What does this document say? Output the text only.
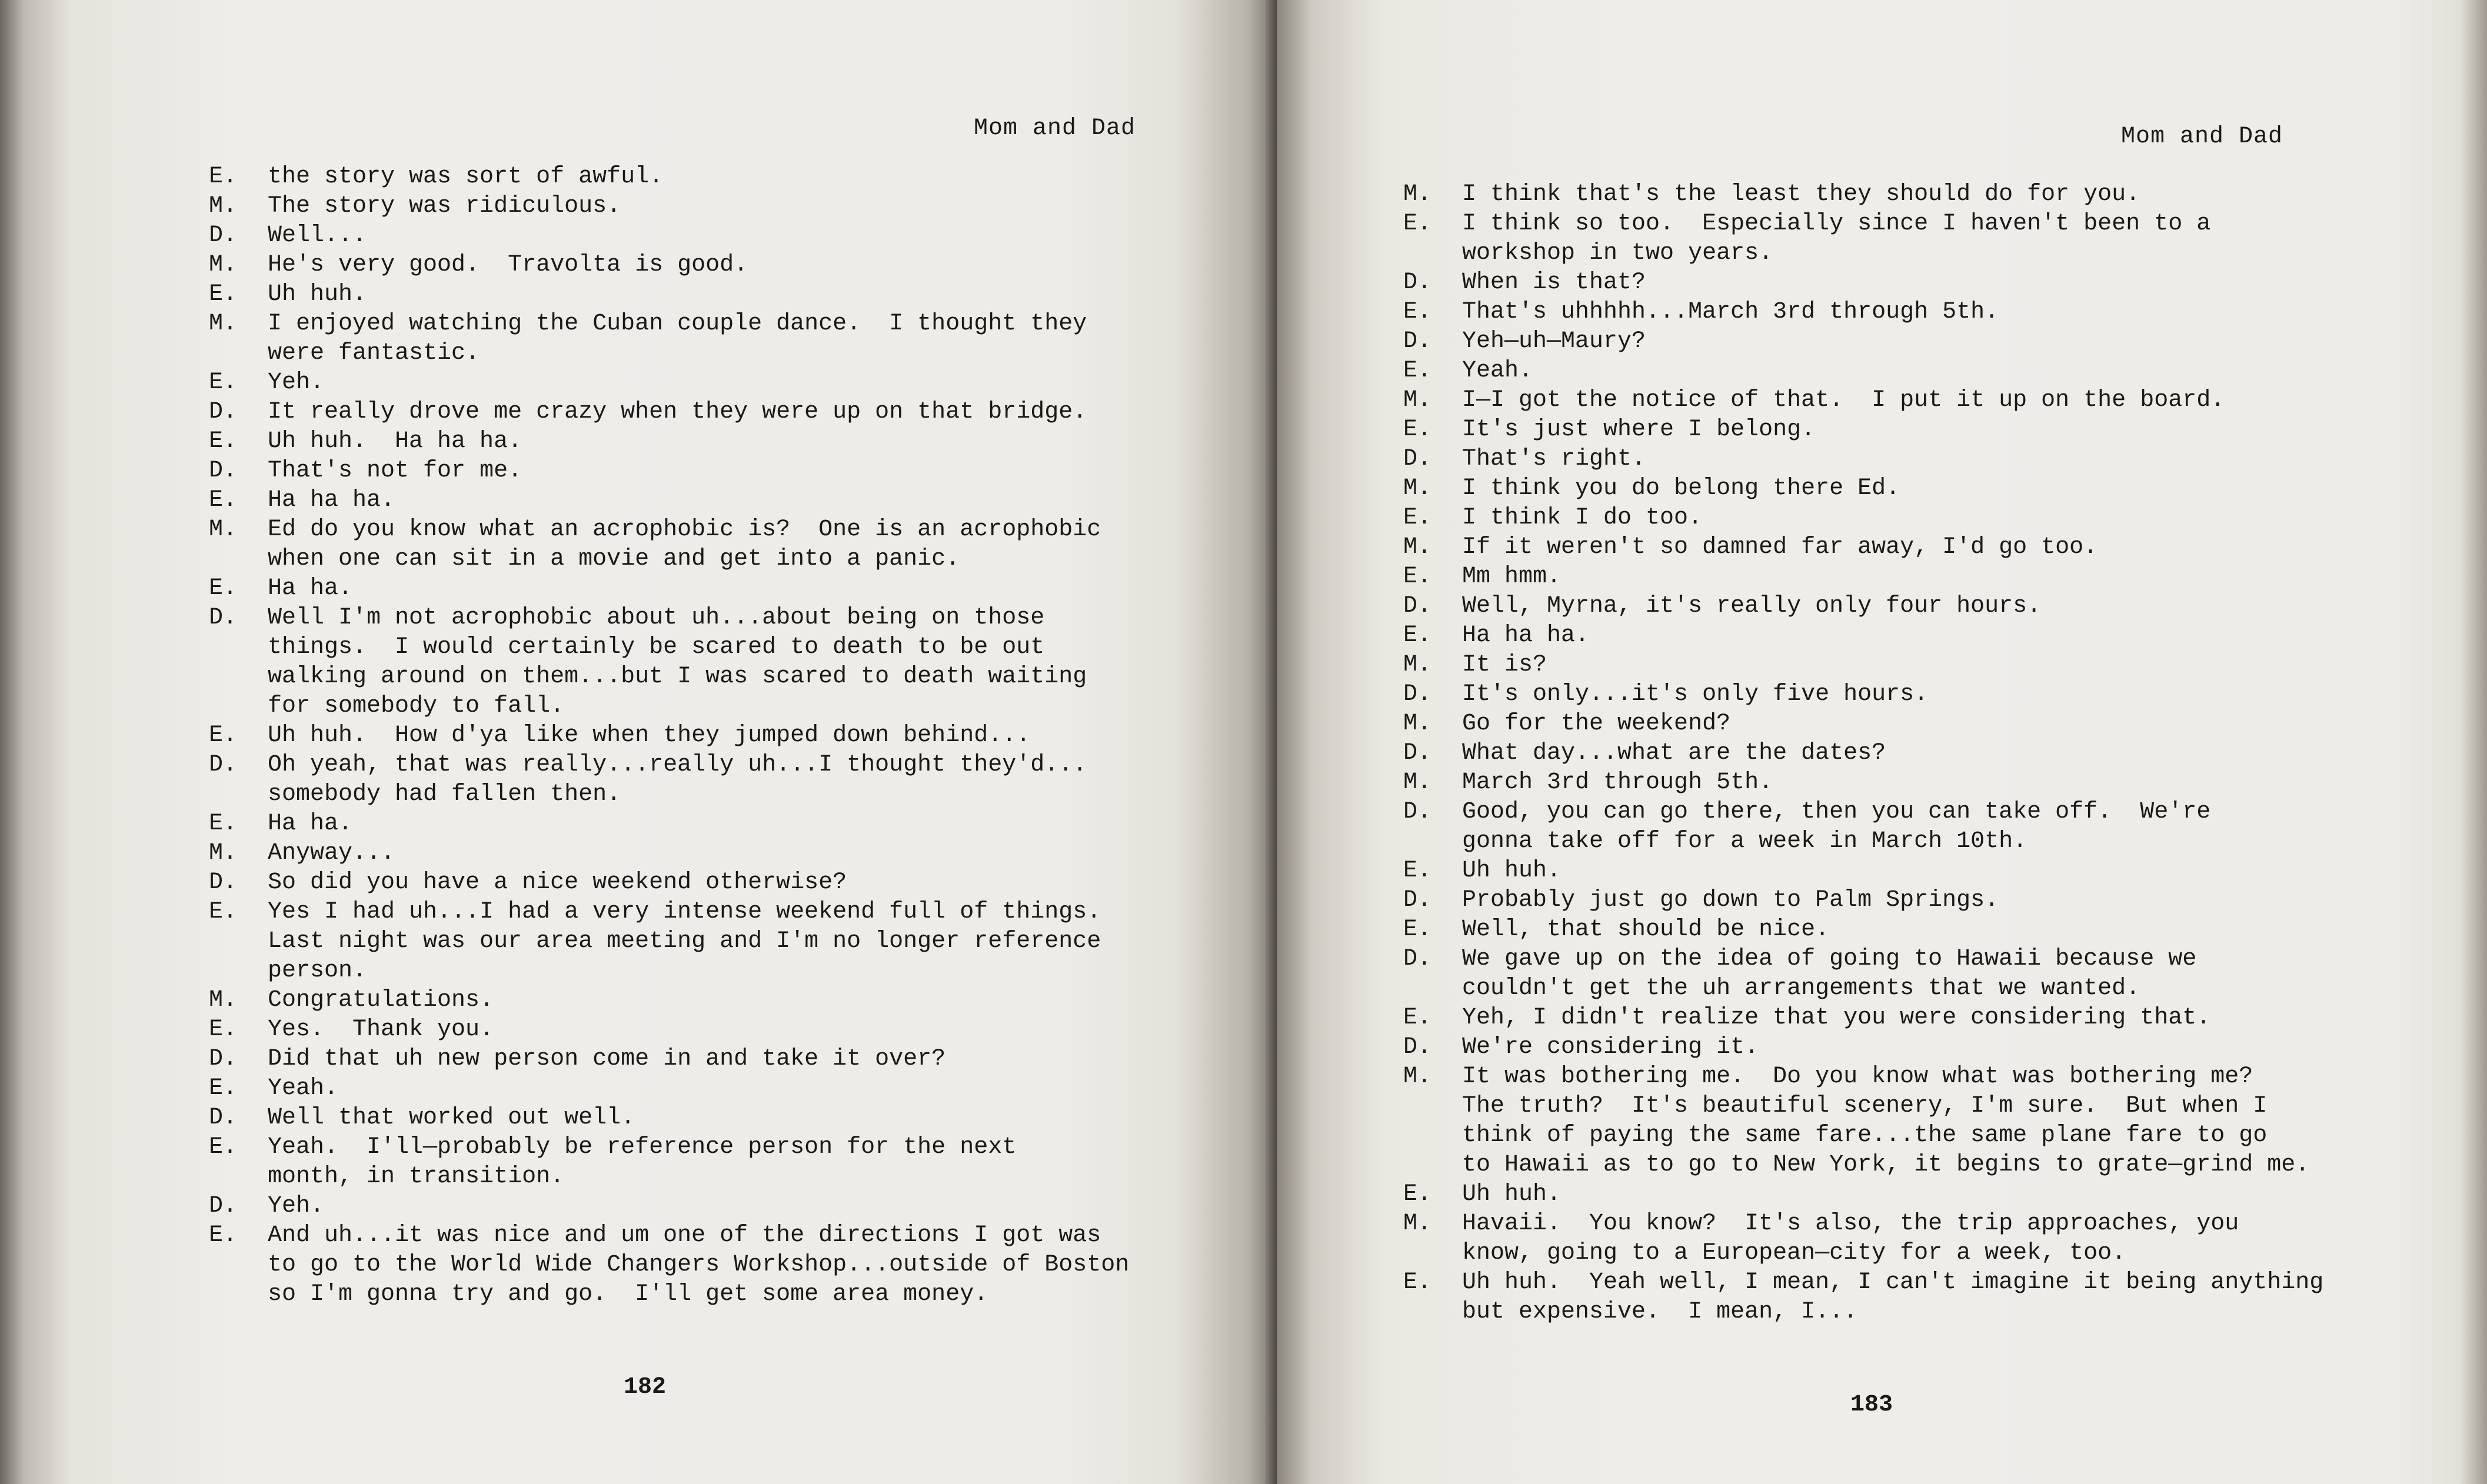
Mom and Dad
E.	the story was sort of awful.
M.	The story was ridiculous.
D.	Well...
M.	He's very good.  Travolta is good.
E.	Uh huh.
M.	I enjoyed watching the Cuban couple dance.  I thought they
were fantastic.
E.	Yeh.
D.	It really drove me crazy when they were up on that bridge.
E.	Uh huh.  Ha ha ha.
D.	That's not for me.
E.	Ha ha ha.
M.	Ed do you know what an acrophobic is?  One is an acrophobic
when one can sit in a movie and get into a panic.
E.	Ha ha.
D.	Well I'm not acrophobic about uh...about being on those
things.  I would certainly be scared to death to be out
walking around on them...but I was scared to death waiting
for somebody to fall.
E.	Uh huh.  How d'ya like when they jumped down behind...
D.	Oh yeah, that was really...really uh...I thought they'd...
somebody had fallen then.
E.	Ha ha.
M.	Anyway...
D.	So did you have a nice weekend otherwise?
E.	Yes I had uh...I had a very intense weekend full of things.
Last night was our area meeting and I'm no longer reference
person.
M.	Congratulations.
E.	Yes.  Thank you.
D.	Did that uh new person come in and take it over?
E.	Yeah.
D.	Well that worked out well.
E.	Yeah.  I'll—probably be reference person for the next
month, in transition.
D.	Yeh.
E.	And uh...it was nice and um one of the directions I got was
to go to the World Wide Changers Workshop...outside of Boston
so I'm gonna try and go.  I'll get some area money.
182
Mom and Dad
M.	I think that's the least they should do for you.
E.	I think so too.  Especially since I haven't been to a
workshop in two years.
D.	When is that?
E.	That's uhhhhh...March 3rd through 5th.
D.	Yeh—uh—Maury?
E.	Yeah.
M.	I—I got the notice of that.  I put it up on the board.
E.	It's just where I belong.
D.	That's right.
M.	I think you do belong there Ed.
E.	I think I do too.
M.	If it weren't so damned far away, I'd go too.
E.	Mm hmm.
D.	Well, Myrna, it's really only four hours.
E.	Ha ha ha.
M.	It is?
D.	It's only...it's only five hours.
M.	Go for the weekend?
D.	What day...what are the dates?
M.	March 3rd through 5th.
D.	Good, you can go there, then you can take off.  We're
gonna take off for a week in March 10th.
E.	Uh huh.
D.	Probably just go down to Palm Springs.
E.	Well, that should be nice.
D.	We gave up on the idea of going to Hawaii because we
couldn't get the uh arrangements that we wanted.
E.	Yeh, I didn't realize that you were considering that.
D.	We're considering it.
M.	It was bothering me.  Do you know what was bothering me?
The truth?  It's beautiful scenery, I'm sure.  But when I
think of paying the same fare...the same plane fare to go
to Hawaii as to go to New York, it begins to grate—grind me.
E.	Uh huh.
M.	Havaii.  You know?  It's also, the trip approaches, you
know, going to a European—city for a week, too.
E.	Uh huh.  Yeah well, I mean, I can't imagine it being anything
but expensive.  I mean, I...
183
